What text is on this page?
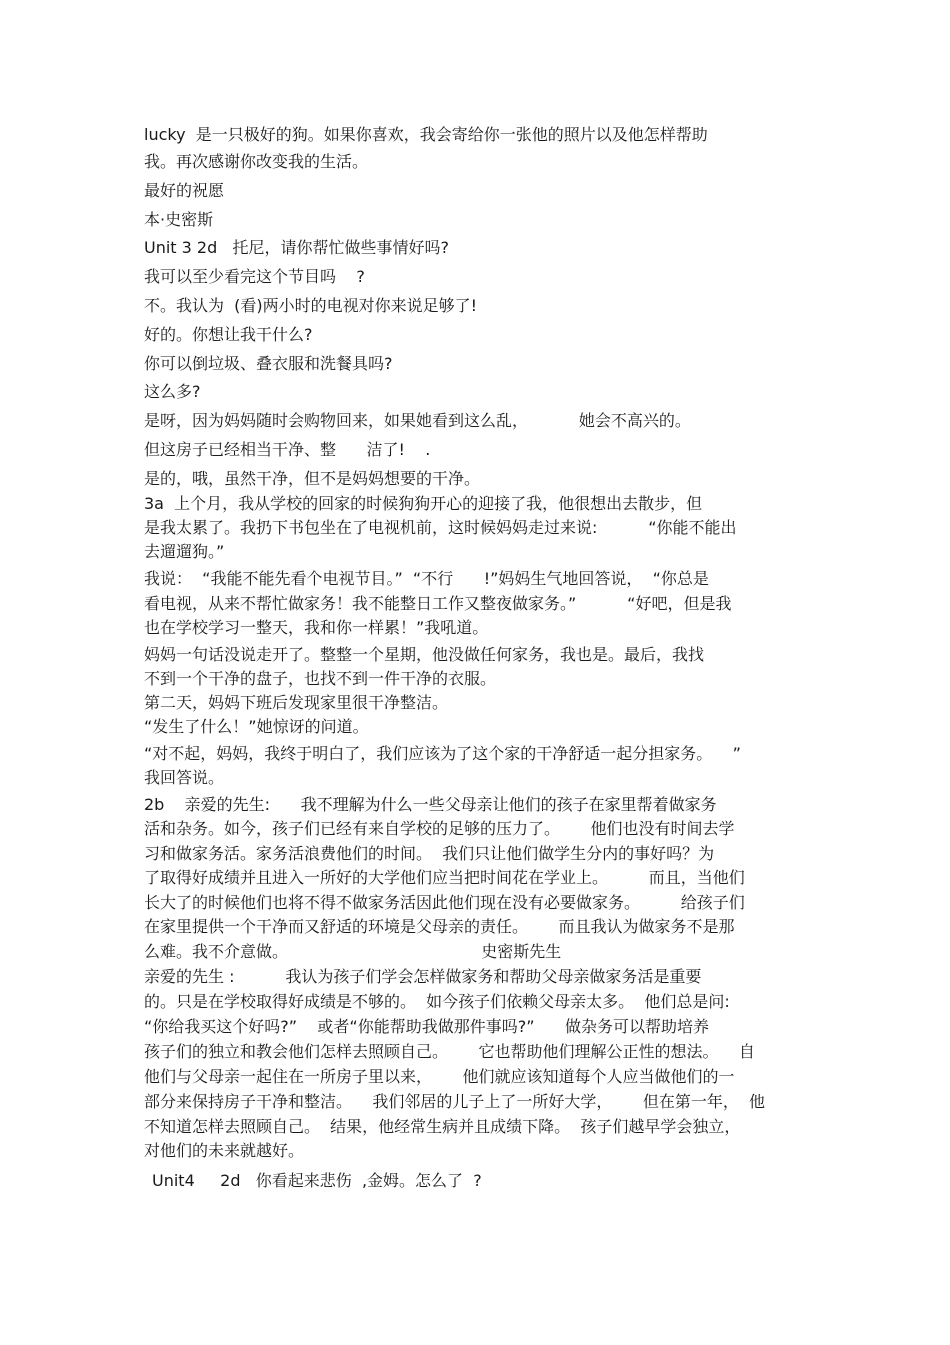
lucky  是一只极好的狗。如果你喜欢，我会寄给你一张他的照片以及他怎样帮助
我。再次感谢你改变我的生活。
最好的祝愿
本·史密斯
Unit 3 2d   托尼，请你帮忙做些事情好吗?
我可以至少看完这个节目吗    ?
不。我认为  (看)两小时的电视对你来说足够了!
好的。你想让我干什么?
你可以倒垃圾、叠衣服和洗餐具吗?
这么多?
是呀，因为妈妈随时会购物回来，如果她看到这么乱，          她会不高兴的。
但这房子已经相当干净、整      洁了!    .
是的，哦，虽然干净，但不是妈妈想要的干净。
3a  上个月，我从学校的回家的时候狗狗开心的迎接了我，他很想出去散步，但
是我太累了。我扔下书包坐在了电视机前，这时候妈妈走过来说:          “你能不能出
去遛遛狗。”
我说：  “我能不能先看个电视节目。”  “不行      !”妈妈生气地回答说，  “你总是
看电视，从来不帮忙做家务！我不能整日工作又整夜做家务。”          “好吧，但是我
也在学校学习一整天，我和你一样累！”我吼道。
妈妈一句话没说走开了。整整一个星期，他没做任何家务，我也是。最后，我找
不到一个干净的盘子，也找不到一件干净的衣服。
第二天，妈妈下班后发现家里很干净整洁。
“发生了什么！”她惊讶的问道。
“对不起，妈妈，我终于明白了，我们应该为了这个家的干净舒适一起分担家务。    ”
我回答说。
2b    亲爱的先生:      我不理解为什么一些父母亲让他们的孩子在家里帮着做家务
活和杂务。如今，孩子们已经有来自学校的足够的压力了。      他们也没有时间去学
习和做家务活。家务活浪费他们的时间。  我们只让他们做学生分内的事好吗？为
了取得好成绩并且进入一所好的大学他们应当把时间花在学业上。        而且，当他们
长大了的时候他们也将不得不做家务活因此他们现在没有必要做家务。        给孩子们
在家里提供一个干净而又舒适的环境是父母亲的责任。      而且我认为做家务不是那
么难。我不介意做。                                      史密斯先生
亲爱的先生 :          我认为孩子们学会怎样做家务和帮助父母亲做家务活是重要
的。只是在学校取得好成绩是不够的。  如今孩子们依赖父母亲太多。  他们总是问:
“你给我买这个好吗?”    或者“你能帮助我做那件事吗?”      做杂务可以帮助培养
孩子们的独立和教会他们怎样去照顾自己。      它也帮助他们理解公正性的想法。    自
他们与父母亲一起住在一所房子里以来，      他们就应该知道每个人应当做他们的一
部分来保持房子干净和整洁。    我们邻居的儿子上了一所好大学，      但在第一年，  他
不知道怎样去照顾自己。  结果，他经常生病并且成绩下降。  孩子们越早学会独立，
对他们的未来就越好。
Unit4     2d   你看起来悲伤  ,金姆。怎么了  ?
